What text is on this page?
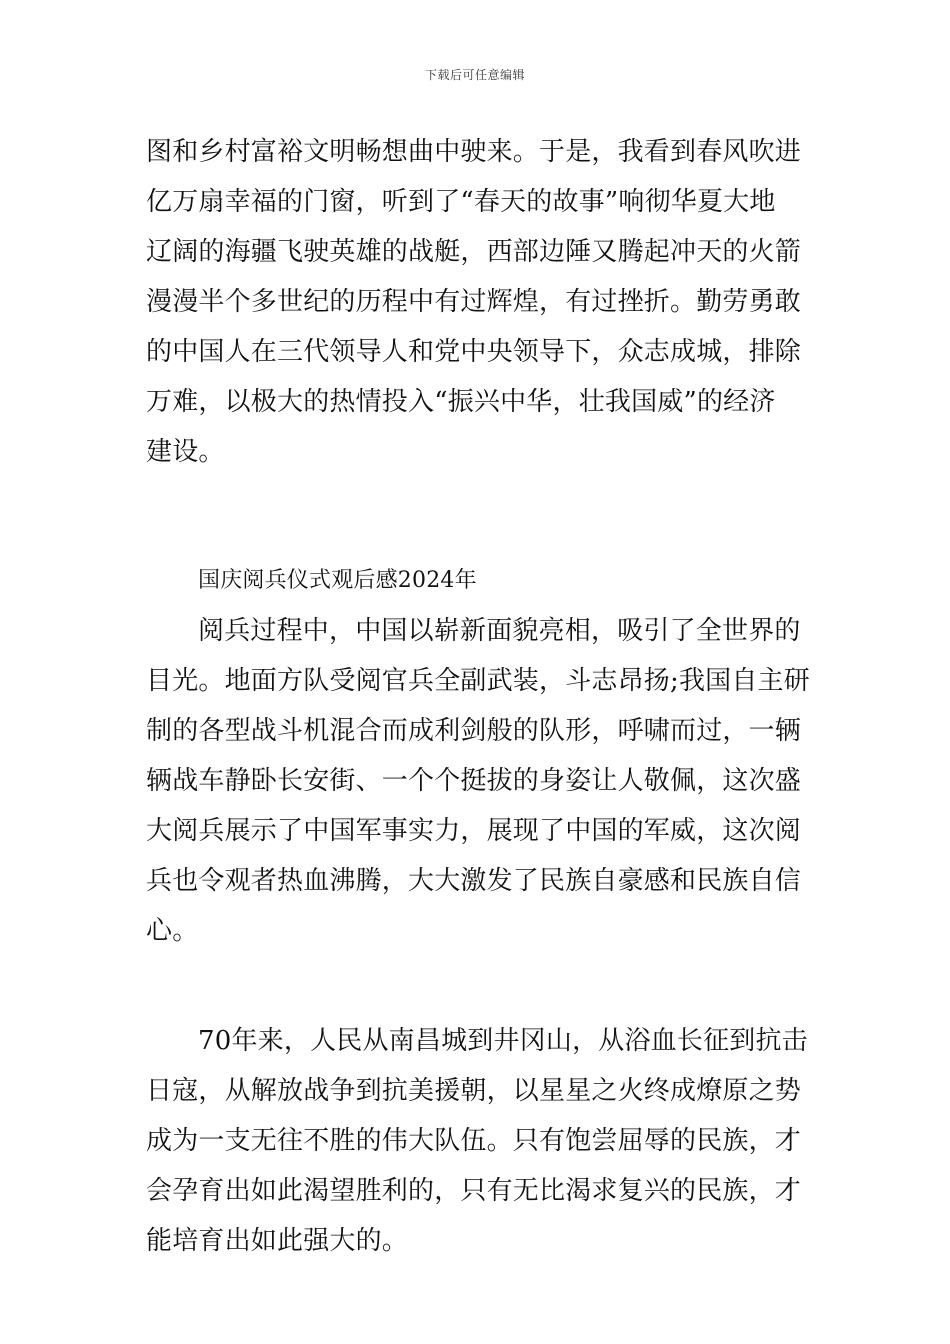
下载后可任意编辑
图和乡村富裕文明畅想曲中驶来。于是，我看到春风吹进
亿万扇幸福的门窗，听到了“春天的故事”响彻华夏大地
辽阔的海疆飞驶英雄的战艇，西部边陲又腾起冲天的火箭
漫漫半个多世纪的历程中有过辉煌，有过挫折。勤劳勇敢
的中国人在三代领导人和党中央领导下，众志成城，排除
万难，以极大的热情投入“振兴中华，壮我国威”的经济
建设。
国庆阅兵仪式观后感2024年
阅兵过程中，中国以崭新面貌亮相，吸引了全世界的
目光。地面方队受阅官兵全副武装，斗志昂扬;我国自主研
制的各型战斗机混合而成利剑般的队形，呼啸而过，一辆
辆战车静卧长安街、一个个挺拔的身姿让人敬佩，这次盛
大阅兵展示了中国军事实力，展现了中国的军威，这次阅
兵也令观者热血沸腾，大大激发了民族自豪感和民族自信
心。
70年来，人民从南昌城到井冈山，从浴血长征到抗击
日寇，从解放战争到抗美援朝，以星星之火终成燎原之势
成为一支无往不胜的伟大队伍。只有饱尝屈辱的民族，才
会孕育出如此渴望胜利的，只有无比渴求复兴的民族，才
能培育出如此强大的。
